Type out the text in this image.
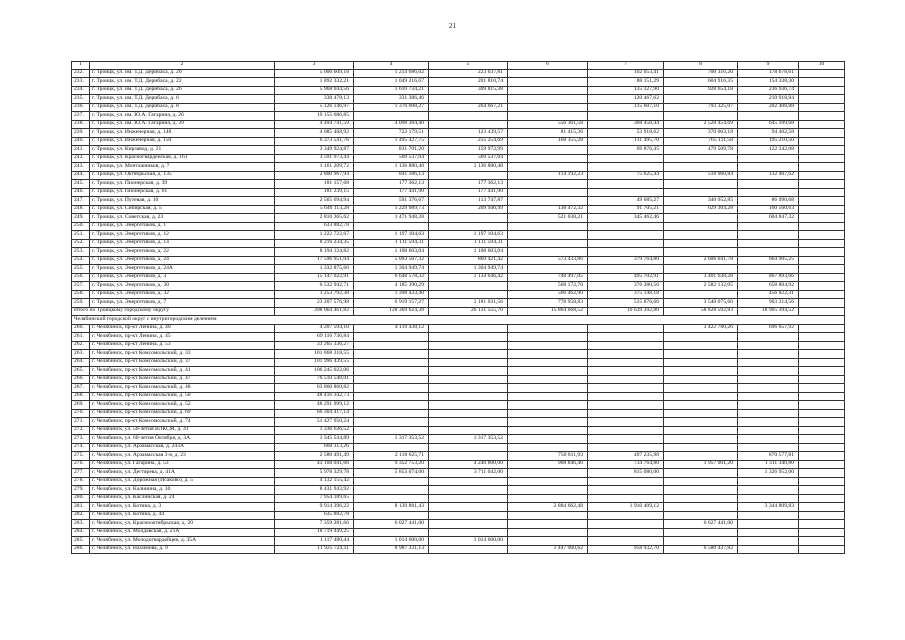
21
1	2	3	4	5	6	7	8	9	10
232.	г. Троицк, ул. им. Т.Д. Дерибаса, д. 20	5 006 609,18	1 214 686,02	223 637,81		102 053,41	700 316,20	178 678,61	
233.	г. Троицк, ул. им. Т.Д. Дерибаса, д. 22	1 892 332,21	1 049 216,67	201 810,74		88 151,29	604 916,35	154 338,30	
234.	г. Троицк, ул. им. Т.Д. Дерибаса, д. 26	5 968 944,56	1 610 734,21	309 815,38		135 327,90	928 654,18	236 936,74	
235.	г. Троицк, ул. им. Т.Д. Дерибаса, д. 6	338 478,13	331 386,46			120 467,62		210 918,84	
236.	г. Троицк, ул. им. Т.Д. Дерибаса, д. 8	5 126 146,97	1 376 008,27	264 667,21		115 607,10	793 325,07	202 408,88	
237.	г. Троицк, ул. им. Ю.А. Гагарина, д. 26	19 155 686,85							
238.	г. Троицк, ул. им. Ю.А. Гагарина, д. 39	4 494 741,59	4 098 384,40		556 361,58	368 458,44	2 528 454,69	645 109,68	
239.	г. Троицк, ул. Инженерная, д. 148	4 085 468,92	723 179,51	123 439,57	81 415,36	53 918,62	370 003,18	94 402,58	
240.	г. Троицк, ул. Инженерная, д. 150	6 373 541,76	1 495 427,75	255 254,69	168 355,28	111 495,70	765 111,58	195 210,50	
241.	г. Троицк, ул. Кирзавод, д. 21	3 349 924,87	831 701,20	159 972,99		69 876,45	479 509,78	122 342,08	
242.	г. Троицк, ул. Красногвардейская, д. 161	3 591 973,44	569 537,04	569 537,04					
243.	г. Троицк, ул. Монтажников, д. 7	1 161 209,72	1 136 880,48	1 136 880,48					
244.	г. Троицк, ул. Октябрьская, д. 135	2 800 967,94	841 186,13		114 192,23	75 625,44	518 960,84	132 407,62	
245.	г. Троицк, ул. Пионерская, д. 39	181 157,68	177 362,13	177 362,13					
246.	г. Троицк, ул. Пионерская, д. 61	181 239,15	177 441,90	177 441,90					
247.	г. Троицк, ул. Путевая, д. 10	2 565 694,94	591 376,67	113 747,87		49 685,27	340 952,85	86 990,68	
248.	г. Троицк, ул. Сибирская, д. 5	5 646 113,28	1 229 989,73	209 946,99	138 472,32	91 705,21	629 304,28	160 560,63	
249.	г. Троицк, ул. Советская, д. 23	2 810 365,62	1 471 948,28		521 638,21	345 462,46		604 847,32	
250.	г. Троицк, ул. Энергетиков, д. 1	633 882,78							
251.	г. Троицк, ул. Энергетиков, д. 12	1 222 722,67	1 197 104,63	1 197 104,63					
252.	г. Троицк, ул. Энергетиков, д. 14	8 216 234,35	1 111 594,31	1 111 594,31					
253.	г. Троицк, ул. Энергетиков, д. 22	8 194 124,82	1 108 603,04	1 108 603,04					
254.	г. Троицк, ул. Энергетиков, д. 24	17 596 951,04	5 093 567,32	869 421,42	573 433,86	379 764,80	2 606 041,78	664 905,25	
255.	г. Троицк, ул. Энергетиков, д. 24А	1 332 875,66	1 304 949,74	1 304 949,74					
256.	г. Троицк, ул. Энергетиков, д. 3	15 147 022,91	6 648 578,32	1 134 646,42	748 497,05	495 702,91	3 401 638,28	867 893,66	
257.	г. Троицк, ул. Энергетиков, д. 30	6 532 942,71	4 185 390,29		568 172,76	376 280,56	2 582 132,05	658 804,92	
258.	г. Троицк, ул. Энергетиков, д. 32	3 253 792,38	1 398 433,40		566 462,90	375 148,18		456 822,31	
259.	г. Троицк, ул. Энергетиков, д. 7	23 207 576,98	6 919 157,27	1 181 031,56	778 958,83	515 876,66	3 540 075,66	903 214,56	
Итого по Троицкому городскому округу		398 064 461,82	128 369 624,38	26 131 555,70	15 864 668,52	10 639 392,80	58 828 592,83	18 905 394,52	
Челябинский городской округ с внутригородским делением									
260.	г. Челябинск, пр-кт Ленина, д. 40	4 207 594,10	4 119 438,12				3 422 780,26	696 657,92	
261.	г. Челябинск, пр-кт Ленина, д. 45	69 116 736,84							
262.	г. Челябинск, пр-кт Ленина, д. 53	33 265 336,27							
263.	г. Челябинск, пр-кт Комсомольский, д. 33	101 868 318,55							
264.	г. Челябинск, пр-кт Комсомольский, д. 37	101 996 439,55							
265.	г. Челябинск, пр-кт Комсомольский, д. 41	106 245 022,06							
266.	г. Челябинск, пр-кт Комсомольский, д. 47	76 510 548,01							
267.	г. Челябинск, пр-кт Комсомольский, д. 48	63 860 860,82							
268.	г. Челябинск, пр-кт Комсомольский, д. 50	48 416 342,73							
269.	г. Челябинск, пр-кт Комсомольский, д. 52	48 291 999,12							
270.	г. Челябинск, пр-кт Комсомольский, д. 69	66 304 417,14							
271.	г. Челябинск, пр-кт Комсомольский, д. 74	51 427 950,24							
272.	г. Челябинск, ул. 50-летия ВЛКСМ, д. 41	1 336 626,52							
273.	г. Челябинск, ул. 60-летия Октября, д. 3А	1 345 544,89	1 317 353,52	1 317 353,52					
274.	г. Челябинск, ул. Арзамасская, д. 243А	668 313,26							
275.	г. Челябинск, ул. Арзамасская 3-я, д. 23	2 580 491,49	2 118 625,71		750 811,93	497 235,98		870 577,81	
276.	г. Челябинск, ул. Гагарина, д. 53	43 108 041,66	9 352 753,20	4 240 800,00	908 846,40	734 764,80	1 957 001,20	1 311 340,80	
277.	г. Челябинск, ул. Дегтярева, д. 41А	5 978 329,78	5 853 074,00	3 711 042,00		815 080,00		1 326 952,00	
278.	г. Челябинск, ул. Дорожная (Исаково), д. 5	4 132 155,42							
279.	г. Челябинск, ул. Калинина, д. 30	8 431 943,92							
280.	г. Челябинск, ул. Каслинская, д. 24	7 954 189,65							
281.	г. Челябинск, ул. Котина, д. 3	9 914 396,22	8 139 881,43		2 884 662,48	1 910 409,12		3 344 809,83	
282.	г. Челябинск, ул. Котина, д. 44	635 882,78							
283.	г. Челябинск, ул. Краснооктябрьская, д. 20	7 359 281,66	6 027 441,00				6 027 441,00		
284.	г. Челябинск, ул. Молдавская, д. 21А	18 719 449,25							
285.	г. Челябинск, ул. Молодогвардейцев, д. 35А	1 117 480,44	1 014 600,00	1 014 600,00					
286.	г. Челябинск, ул. Нахимова, д. 9	11 925 724,11	8 987 331,13		1 447 960,62	958 932,70	6 580 437,82		
